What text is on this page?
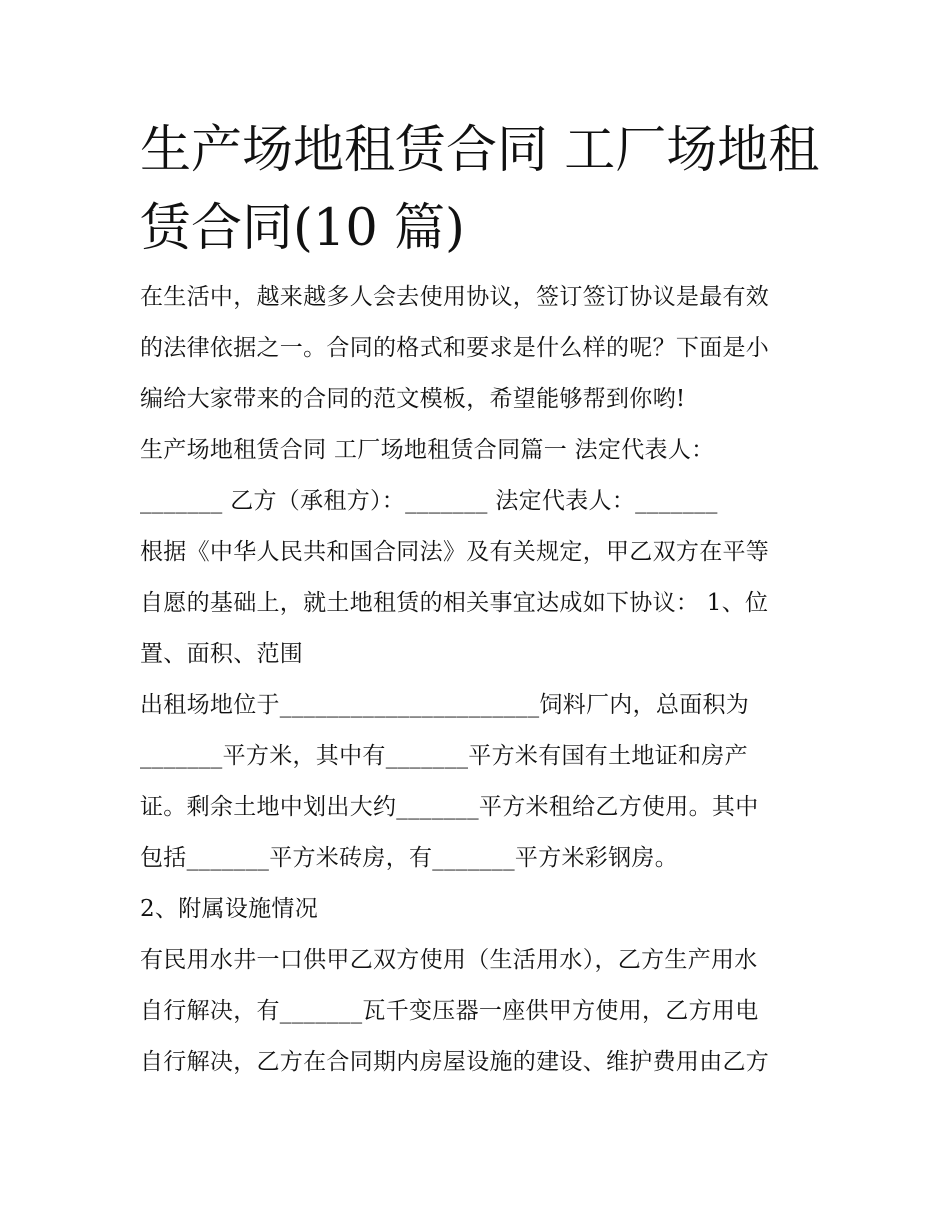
生产场地租赁合同 工厂场地租
赁合同(10 篇)
在生活中，越来越多人会去使用协议，签订签订协议是最有效
的法律依据之一。合同的格式和要求是什么样的呢？下面是小
编给大家带来的合同的范文模板，希望能够帮到你哟!
生产场地租赁合同 工厂场地租赁合同篇一 法定代表人：
_______ 乙方（承租方）：_______ 法定代表人：_______
根据《中华人民共和国合同法》及有关规定，甲乙双方在平等
自愿的基础上，就土地租赁的相关事宜达成如下协议： 1、位
置、面积、范围
出租场地位于______________________饲料厂内，总面积为
_______平方米，其中有_______平方米有国有土地证和房产
证。剩余土地中划出大约_______平方米租给乙方使用。其中
包括_______平方米砖房，有_______平方米彩钢房。
2、附属设施情况
有民用水井一口供甲乙双方使用（生活用水），乙方生产用水
自行解决，有_______瓦千变压器一座供甲方使用，乙方用电
自行解决，乙方在合同期内房屋设施的建设、维护费用由乙方
